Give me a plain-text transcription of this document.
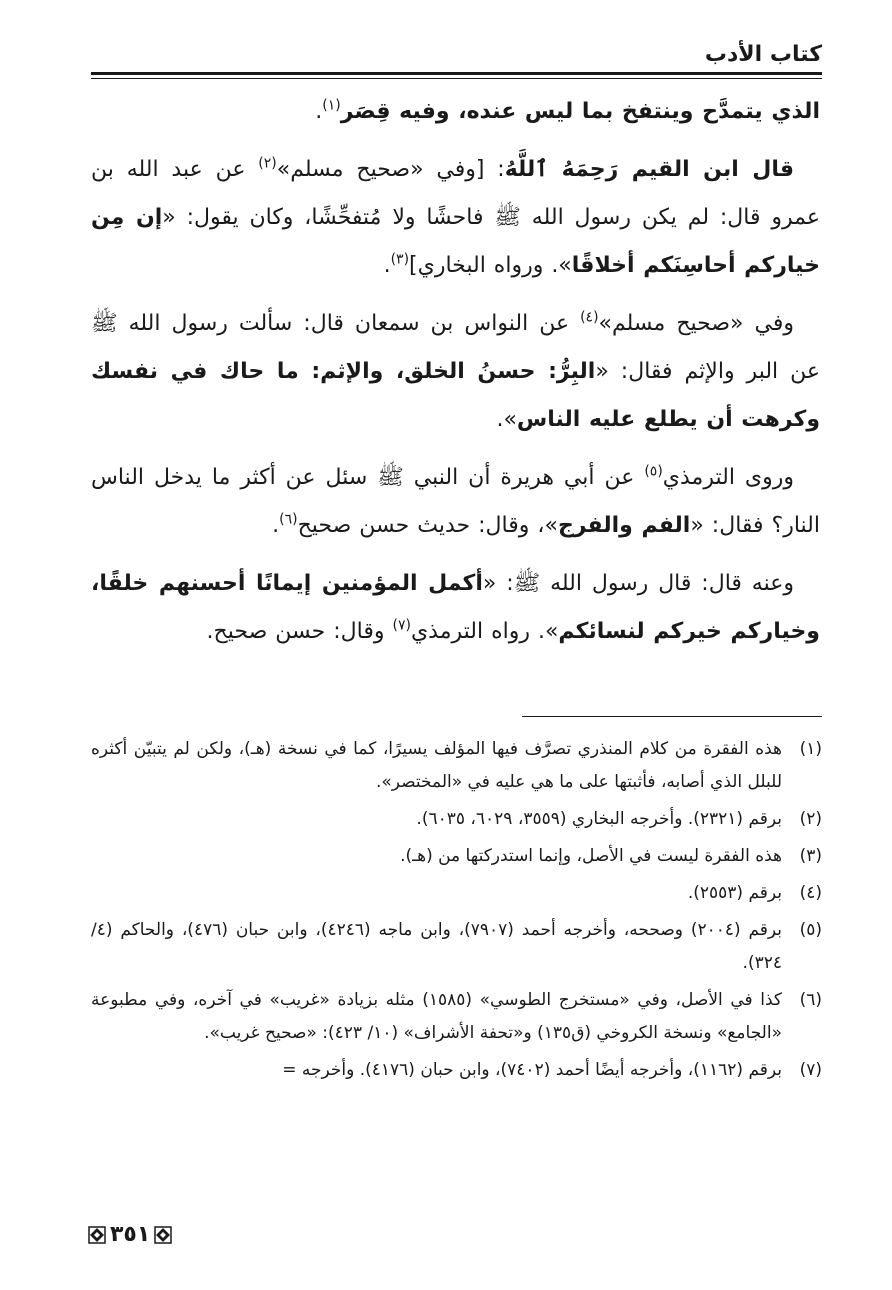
كتاب الأدب

الذي يتمدَّح وينتفخ بما ليس عنده، وفيه قِصَر$^{(١)}$.

قال ابن القيم رَحِمَهُ ٱللَّهُ: [وفي «صحيح مسلم»$^{(٢)}$ عن عبد الله بن عمرو قال: لم يكن رسول الله ﷺ فاحشًا ولا مُتفحِّشًا، وكان يقول: «إن مِن خياركم أحاسِنَكم أخلاقًا». ورواه البخاري]$^{(٣)}$.

وفي «صحيح مسلم»$^{(٤)}$ عن النواس بن سمعان قال: سألت رسول الله ﷺ عن البر والإثم فقال: «البِرُّ: حسنُ الخلق، والإثم: ما حاك في نفسك وكرهت أن يطلع عليه الناس».

وروى الترمذي$^{(٥)}$ عن أبي هريرة أن النبي ﷺ سئل عن أكثر ما يدخل الناس النار؟ فقال: «الفم والفرج»، وقال: حديث حسن صحيح$^{(٦)}$.

وعنه قال: قال رسول الله ﷺ: «أكمل المؤمنين إيمانًا أحسنهم خلقًا، وخياركم خيركم لنسائكم». رواه الترمذي$^{(٧)}$ وقال: حسن صحيح.

(١)
هذه الفقرة من كلام المنذري تصرَّف فيها المؤلف يسيرًا، كما في نسخة (هـ)، ولكن لم يتبيّن أكثره للبلل الذي أصابه، فأثبتها على ما هي عليه في «المختصر».
(٢)
برقم (٢٣٢١). وأخرجه البخاري (٣٥٥٩، ٦٠٢٩، ٦٠٣٥).
(٣)
هذه الفقرة ليست في الأصل، وإنما استدركتها من (هـ).
(٤)
برقم (٢٥٥٣).
(٥)
برقم (٢٠٠٤) وصححه، وأخرجه أحمد (٧٩٠٧)، وابن ماجه (٤٢٤٦)، وابن حبان (٤٧٦)، والحاكم (٤/ ٣٢٤).
(٦)
كذا في الأصل، وفي «مستخرج الطوسي» (١٥٨٥) مثله بزيادة «غريب» في آخره، وفي مطبوعة «الجامع» ونسخة الكروخي (ق١٣٥) و«تحفة الأشراف» (١٠/ ٤٢٣): «صحيح غريب».
(٧)
برقم (١١٦٢)، وأخرجه أيضًا أحمد (٧٤٠٢)، وابن حبان (٤١٧٦). وأخرجه =
٣٥١
